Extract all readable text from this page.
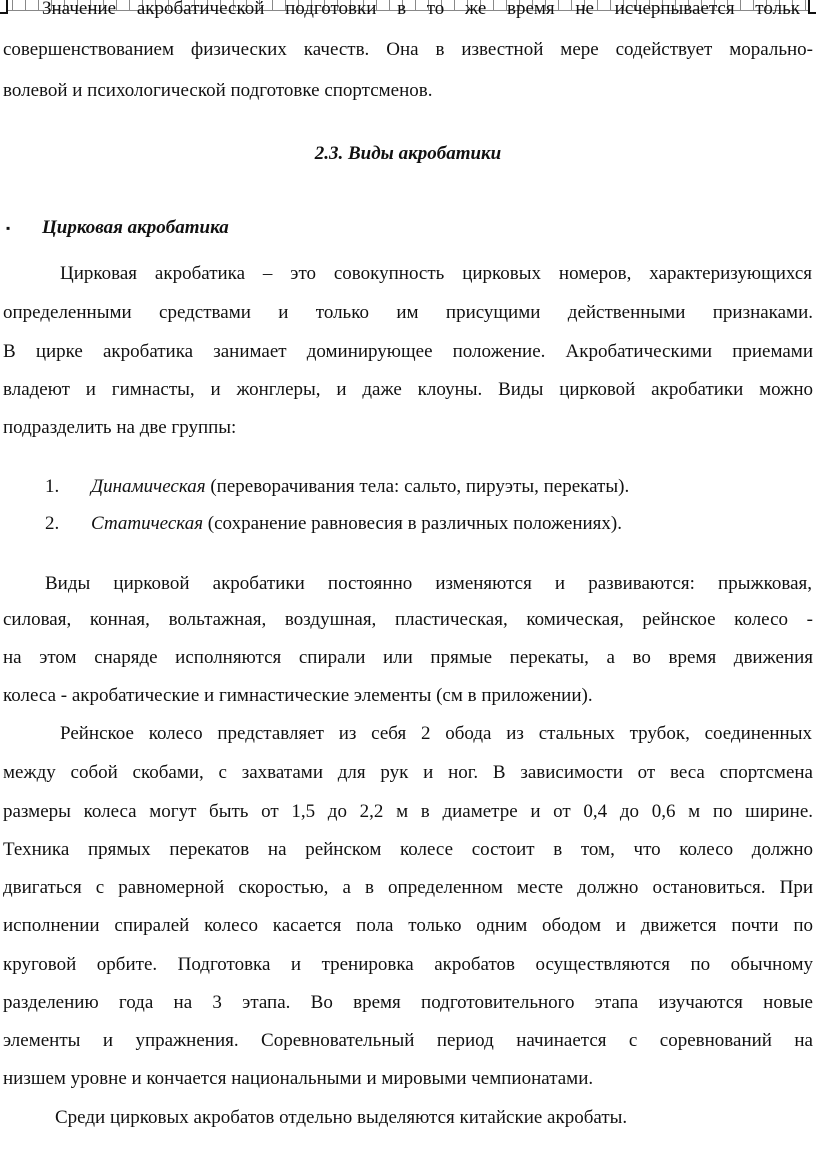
Значение акробатической подготовки в то же время не исчерпывается тольк

совершенствованием физических качеств. Она в известной мере содействует морально-

волевой и психологической подготовке спортсменов.

2.3. Виды акробатики

▪ Цирковая акробатика

Цирковая акробатика – это совокупность цирковых номеров, характеризующихся

определенными средствами и только им присущими действенными признаками.

В цирке акробатика занимает доминирующее положение. Акробатическими приемами

владеют и гимнасты, и жонглеры, и даже клоуны. Виды цирковой акробатики можно

подразделить на две группы:

1. Динамическая (переворачивания тела: сальто, пируэты, перекаты).

2. Статическая (сохранение равновесия в различных положениях).

Виды цирковой акробатики постоянно изменяются и развиваются: прыжковая,

силовая, конная, вольтажная, воздушная, пластическая, комическая, рейнское колесо -

на этом снаряде исполняются спирали или прямые перекаты, а во время движения

колеса - акробатические и гимнастические элементы (см в приложении).

Рейнское колесо представляет из себя 2 обода из стальных трубок, соединенных

между собой скобами, с захватами для рук и ног. В зависимости от веса спортсмена

размеры колеса могут быть от 1,5 до 2,2 м в диаметре и от 0,4 до 0,6 м по ширине.

Техника прямых перекатов на рейнском колесе состоит в том, что колесо должно

двигаться с равномерной скоростью, а в определенном месте должно остановиться. При

исполнении спиралей колесо касается пола только одним ободом и движется почти по

круговой орбите. Подготовка и тренировка акробатов осуществляются по обычному

разделению года на 3 этапа. Во время подготовительного этапа изучаются новые

элементы и упражнения. Соревновательный период начинается с соревнований на

низшем уровне и кончается национальными и мировыми чемпионатами.

Среди цирковых акробатов отдельно выделяются китайские акробаты.
